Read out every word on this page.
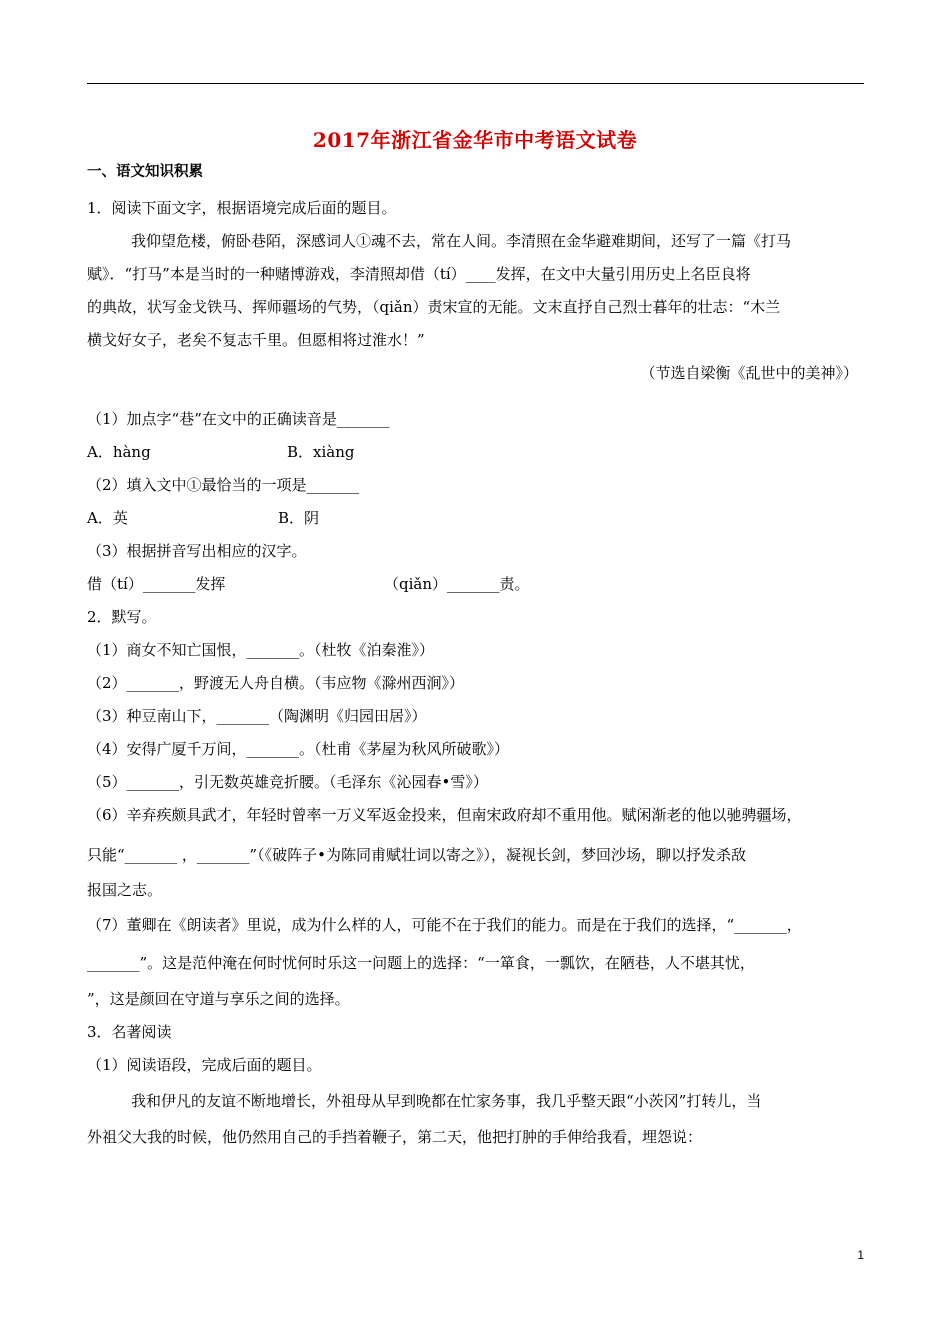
2017年浙江省金华市中考语文试卷
一、语文知识积累
1．阅读下面文字，根据语境完成后面的题目。
我仰望危楼，俯卧巷陌，深感词人①魂不去，常在人间。李清照在金华避难期间，还写了一篇《打马
赋》．“打马”本是当时的一种赌博游戏，李清照却借（tí）____发挥，在文中大量引用历史上名臣良将
的典故，状写金戈铁马、挥师疆场的气势，（qiǎn）责宋宣的无能。文末直抒自己烈士暮年的壮志：“木兰
横戈好女子，老矣不复志千里。但愿相将过淮水！”
（节选自梁衡《乱世中的美神》）
（1）加点字“巷”在文中的正确读音是_______
A．hàng	B．xiàng
（2）填入文中①最恰当的一项是_______
A．英	B．阴
（3）根据拼音写出相应的汉字。
借（tí）_______发挥	（qiǎn）_______责。
2．默写。
（1）商女不知亡国恨，_______。（杜牧《泊秦淮》）
（2）_______，野渡无人舟自横。（韦应物《滁州西涧》）
（3）种豆南山下，_______（陶渊明《归园田居》）
（4）安得广厦千万间，_______。（杜甫《茅屋为秋风所破歌》）
（5）_______，引无数英雄竞折腰。（毛泽东《沁园春•雪》）
（6）辛弃疾颇具武才，年轻时曾率一万义军返金投来，但南宋政府却不重用他。赋闲渐老的他以驰骋疆场，
只能“_______ ，_______”（《破阵子•为陈同甫赋壮词以寄之》），凝视长剑，梦回沙场，聊以抒发杀敌
报国之志。
（7）董卿在《朗读者》里说，成为什么样的人，可能不在于我们的能力。而是在于我们的选择，“_______，
_______”。这是范仲淹在何时忧何时乐这一问题上的选择：“一箪食，一瓢饮，在陋巷，人不堪其忧，
”，这是颜回在守道与享乐之间的选择。
3．名著阅读
（1）阅读语段，完成后面的题目。
我和伊凡的友谊不断地增长，外祖母从早到晚都在忙家务事，我几乎整天跟“小茨冈”打转儿，当
外祖父大我的时候，他仍然用自己的手挡着鞭子，第二天，他把打肿的手伸给我看，埋怨说：
1
